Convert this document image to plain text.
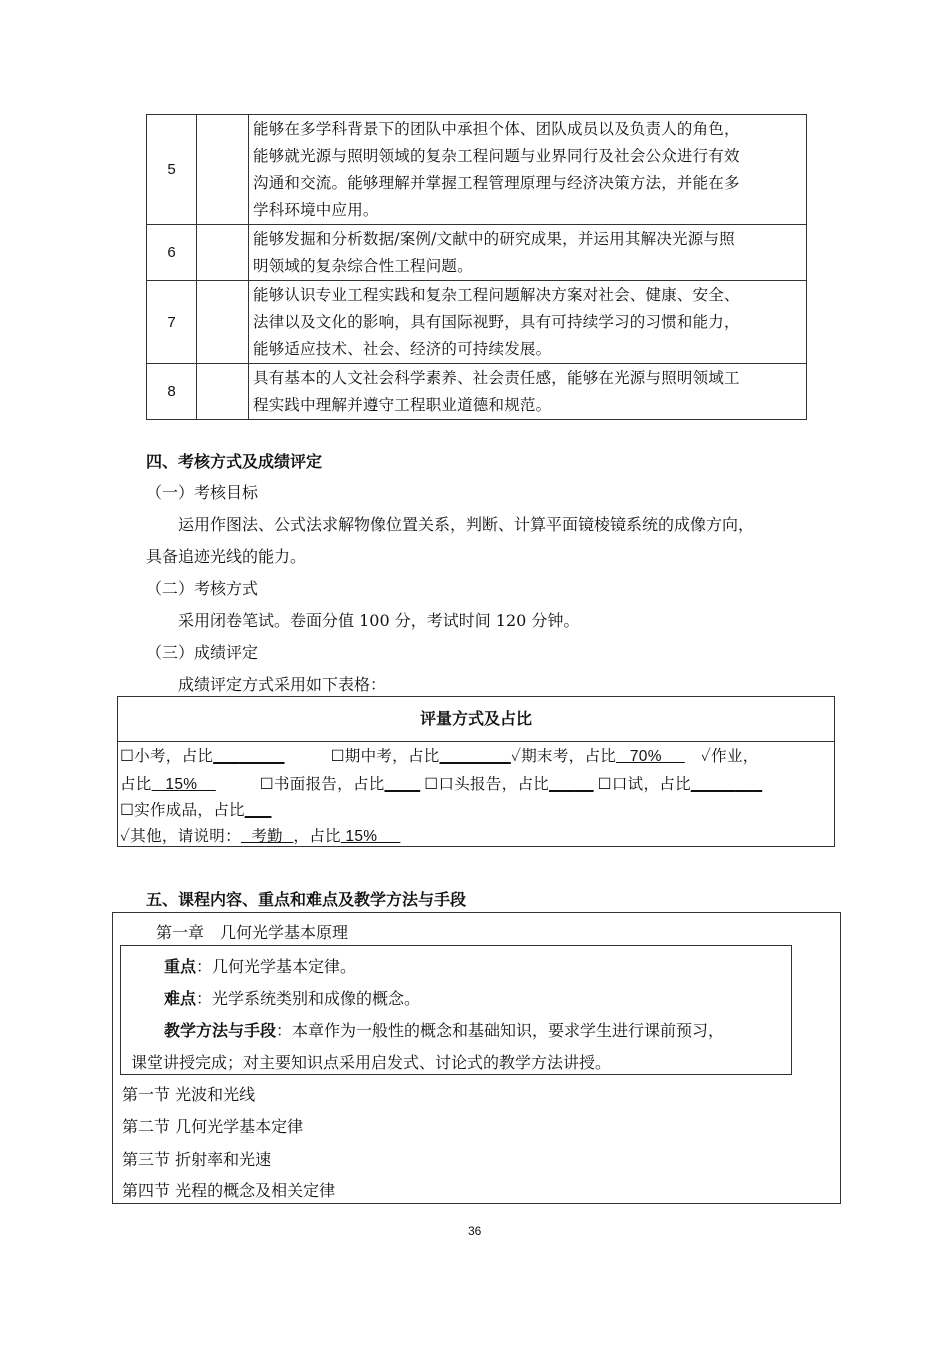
5		能够在多学科背景下的团队中承担个体、团队成员以及负责人的角色，
能够就光源与照明领域的复杂工程问题与业界同行及社会公众进行有效
沟通和交流。能够理解并掌握工程管理原理与经济决策方法，并能在多
学科环境中应用。

6		能够发掘和分析数据/案例/文献中的研究成果，并运用其解决光源与照
明领域的复杂综合性工程问题。

7		能够认识专业工程实践和复杂工程问题解决方案对社会、健康、安全、
法律以及文化的影响，具有国际视野，具有可持续学习的习惯和能力，
能够适应技术、社会、经济的可持续发展。

8		具有基本的人文社会科学素养、社会责任感，能够在光源与照明领域工
程实践中理解并遵守工程职业道德和规范。
四、考核方式及成绩评定
（一）考核目标
运用作图法、公式法求解物像位置关系，判断、计算平面镜棱镜系统的成像方向，
具备追迹光线的能力。
（二）考核方式
采用闭卷笔试。卷面分值 100 分，考试时间 120 分钟。
（三）成绩评定
成绩评定方式采用如下表格：
评量方式及占比
☐小考，占比________	☐期中考，占比________✓期末考，占比   70%     ✓作业，
占比   15%	☐书面报告，占比____ ☐口头报告，占比_____ ☐口试，占比________
☐实作成品，占比___
✓其他，请说明：  考勤  ，占比 15%
五、课程内容、重点和难点及教学方法与手段
第一章　几何光学基本原理
重点：几何光学基本定律。
难点：光学系统类别和成像的概念。
教学方法与手段：本章作为一般性的概念和基础知识，要求学生进行课前预习，
课堂讲授完成；对主要知识点采用启发式、讨论式的教学方法讲授。
第一节 光波和光线
第二节 几何光学基本定律
第三节 折射率和光速
第四节 光程的概念及相关定律
36
